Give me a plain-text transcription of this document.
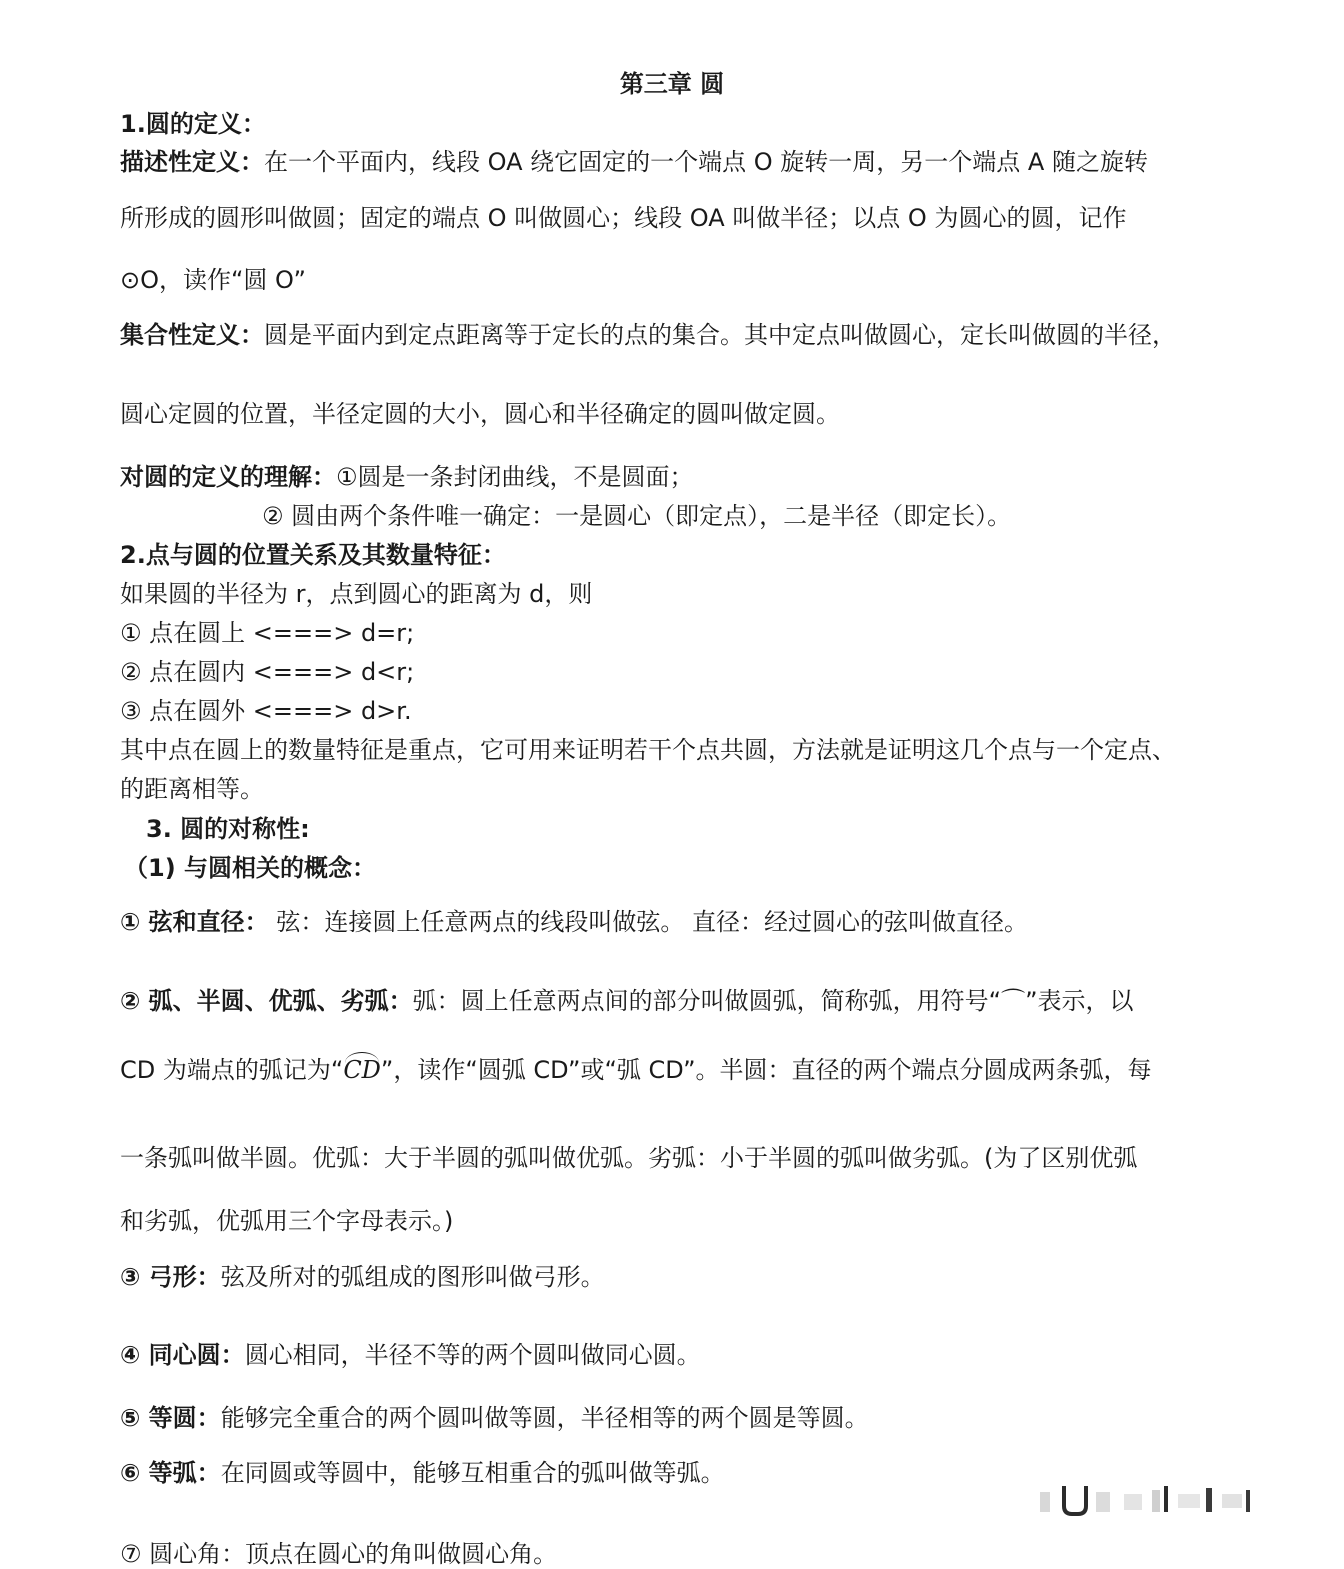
第三章 圆
1.圆的定义：
描述性定义：在一个平面内，线段 OA 绕它固定的一个端点 O 旋转一周，另一个端点 A 随之旋转
所形成的圆形叫做圆；固定的端点 O 叫做圆心；线段 OA 叫做半径；以点 O 为圆心的圆，记作
⊙O，读作“圆 O”
集合性定义：圆是平面内到定点距离等于定长的点的集合。其中定点叫做圆心，定长叫做圆的半径，
圆心定圆的位置，半径定圆的大小，圆心和半径确定的圆叫做定圆。
对圆的定义的理解：①圆是一条封闭曲线，不是圆面；
② 圆由两个条件唯一确定：一是圆心（即定点），二是半径（即定长）。
2.点与圆的位置关系及其数量特征：
如果圆的半径为 r，点到圆心的距离为 d，则
① 点在圆上 <===> d=r;
② 点在圆内 <===> d<r;
③ 点在圆外 <===> d>r.
其中点在圆上的数量特征是重点，它可用来证明若干个点共圆，方法就是证明这几个点与一个定点、
的距离相等。
3. 圆的对称性:
（1) 与圆相关的概念：
① 弦和直径： 弦：连接圆上任意两点的线段叫做弦。 直径：经过圆心的弦叫做直径。
② 弧、半圆、优弧、劣弧：弧：圆上任意两点间的部分叫做圆弧，简称弧，用符号“⌒”表示，以
CD 为端点的弧记为“CD”，读作“圆弧 CD”或“弧 CD”。半圆：直径的两个端点分圆成两条弧，每
一条弧叫做半圆。优弧：大于半圆的弧叫做优弧。劣弧：小于半圆的弧叫做劣弧。(为了区别优弧
和劣弧，优弧用三个字母表示。)
③ 弓形：弦及所对的弧组成的图形叫做弓形。
④ 同心圆：圆心相同，半径不等的两个圆叫做同心圆。
⑤ 等圆：能够完全重合的两个圆叫做等圆，半径相等的两个圆是等圆。
⑥ 等弧：在同圆或等圆中，能够互相重合的弧叫做等弧。
⑦ 圆心角：顶点在圆心的角叫做圆心角。
